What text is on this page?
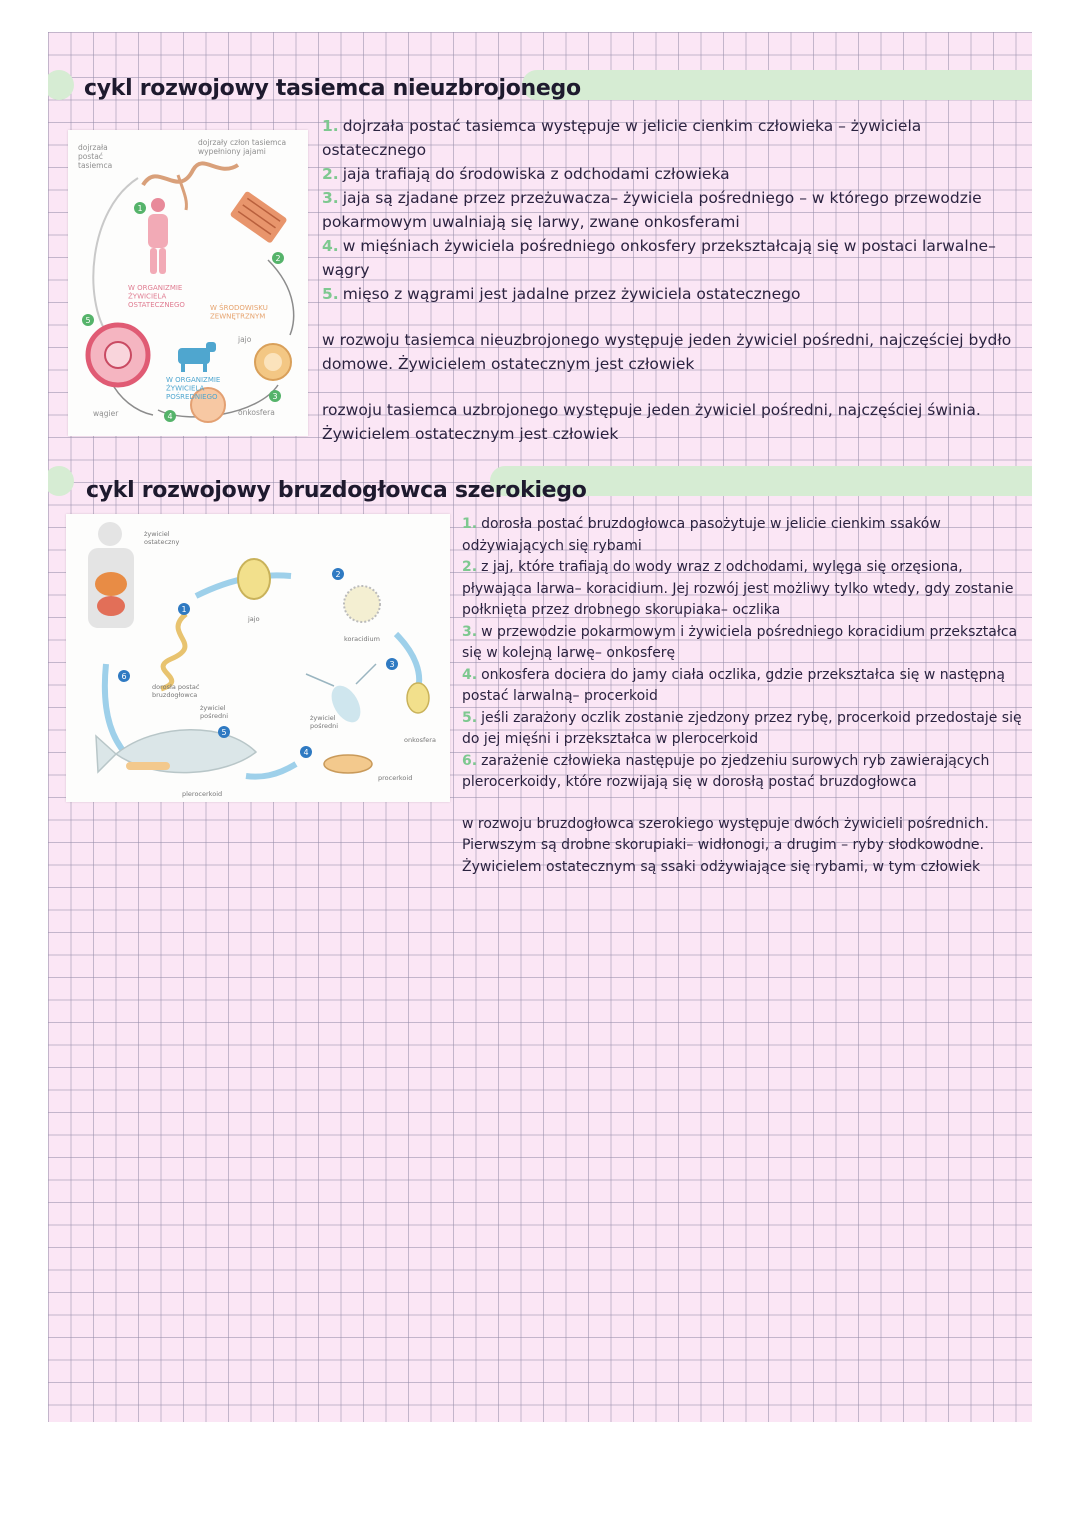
cykl rozwojowy tasiemca nieuzbrojonego
1
2
3
4
5
dojrzała postać tasiemca
dojrzały człon tasiemca wypełniony jajami
W ORGANIZMIE ŻYWICIELA OSTATECZNEGO	W ŚRODOWISKU ZEWNĘTRZNYM
jajo
W ORGANIZMIE ŻYWICIELA POŚREDNIEGO
wągier	onkosfera

1. dojrzała postać tasiemca występuje w jelicie cienkim człowieka – żywiciela ostatecznego

2. jaja trafiają do środowiska z odchodami człowieka

3. jaja są zjadane przez przeżuwacza– żywiciela pośredniego – w którego przewodzie pokarmowym uwalniają się larwy, zwane onkosferami

4. w mięśniach żywiciela pośredniego onkosfery przekształcają się w postaci larwalne– wągry

5. mięso z wągrami jest jadalne przez żywiciela ostatecznego

w rozwoju tasiemca nieuzbrojonego występuje jeden żywiciel pośredni, najczęściej bydło domowe. Żywicielem ostatecznym jest człowiek

rozwoju tasiemca uzbrojonego występuje jeden żywiciel pośredni, najczęściej świnia. Żywicielem ostatecznym jest człowiek

cykl rozwojowy bruzdogłowca szerokiego
1
2
3
4
5
6
żywiciel ostateczny
jajo
koracidium
dorosła postać bruzdogłowca
żywiciel pośredni	żywiciel pośredni
onkosfera
procerkoid
plerocerkoid

1. dorosła postać bruzdogłowca pasożytuje w jelicie cienkim ssaków odżywiających się rybami

2. z jaj, które trafiają do wody wraz z odchodami, wylęga się orzęsiona, pływająca larwa– koracidium. Jej rozwój jest możliwy tylko wtedy, gdy zostanie połknięta przez drobnego skorupiaka– oczlika

3. w przewodzie pokarmowym i żywiciela pośredniego koracidium przekształca się w kolejną larwę– onkosferę

4. onkosfera dociera do jamy ciała oczlika, gdzie przekształca się w następną postać larwalną– procerkoid

5. jeśli zarażony oczlik zostanie zjedzony przez rybę, procerkoid przedostaje się do jej mięśni i przekształca w plerocerkoid

6. zarażenie człowieka następuje po zjedzeniu surowych ryb zawierających plerocerkoidy, które rozwijają się w dorosłą postać bruzdogłowca

w rozwoju bruzdogłowca szerokiego występuje dwóch żywicieli pośrednich. Pierwszym są drobne skorupiaki– widłonogi, a drugim – ryby słodkowodne. Żywicielem ostatecznym są ssaki odżywiające się rybami, w tym człowiek
